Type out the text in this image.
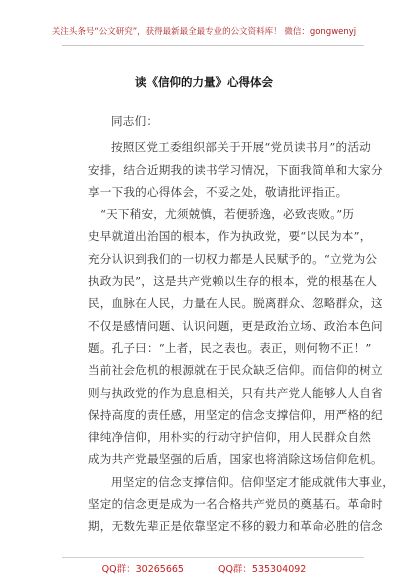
关注头条号“公文研究”，获得最新最全最专业的公文资料库！ 微信：gongwenyj
读《信仰的力量》心得体会
同志们：
按照区党工委组织部关于开展“党员读书月”的活动
安排，结合近期我的读书学习情况，下面我简单和大家分
享一下我的心得体会，不妥之处，敬请批评指正。
“天下稍安，尤须兢慎，若便骄逸，必致丧败。”历
史早就道出治国的根本，作为执政党，要“以民为本”，
充分认识到我们的一切权力都是人民赋予的。“立党为公
执政为民”，这是共产党赖以生存的根本，党的根基在人
民，血脉在人民，力量在人民。脱离群众、忽略群众，这
不仅是感情问题、认识问题，更是政治立场、政治本色问
题。孔子曰：“上者，民之表也。表正，则何物不正！”
当前社会危机的根源就在于民众缺乏信仰。而信仰的树立
则与执政党的作为息息相关，只有共产党人能够人人自省
保持高度的责任感，用坚定的信念支撑信仰，用严格的纪
律纯净信仰，用朴实的行动守护信仰，用人民群众自然
成为共产党最坚强的后盾，国家也将消除这场信仰危机。
用坚定的信念支撑信仰。信仰坚定才能成就伟大事业，
坚定的信念更是成为一名合格共产党员的奠基石。革命时
期，无数先辈正是依靠坚定不移的毅力和革命必胜的信念
QQ群：30265665	QQ群：535304092
